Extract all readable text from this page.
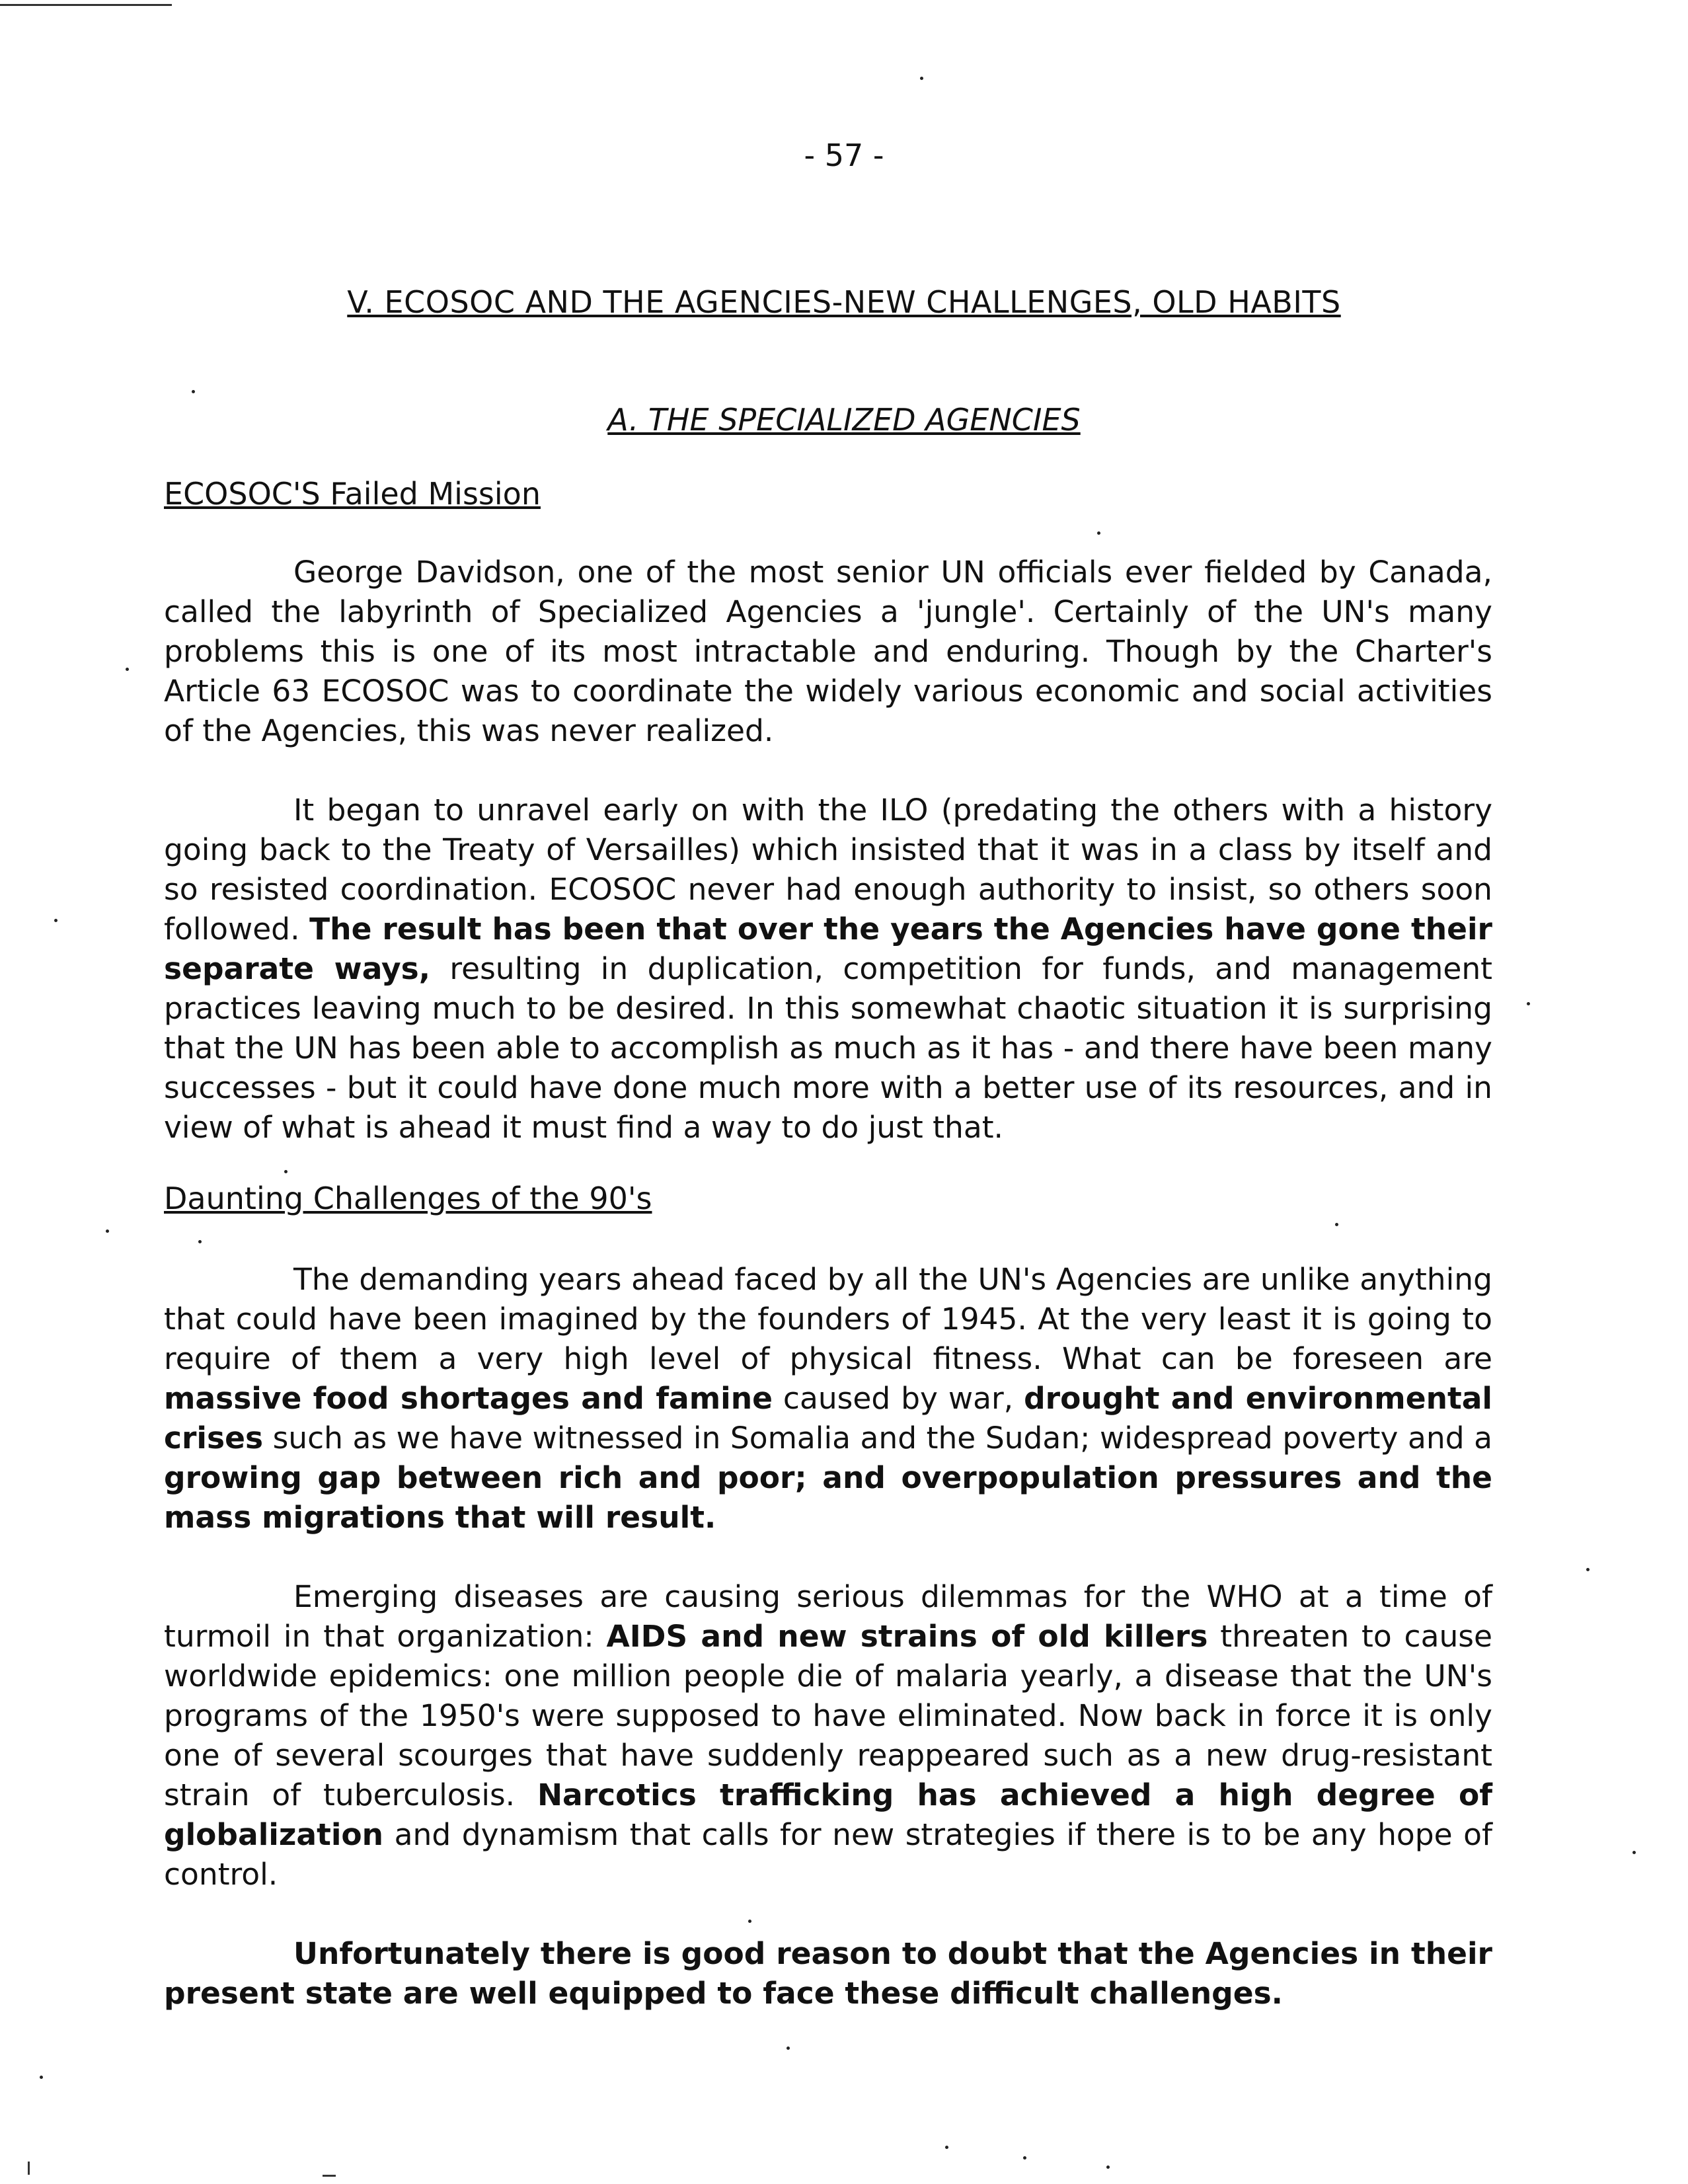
- 57 -
V. ECOSOC AND THE AGENCIES-NEW CHALLENGES, OLD HABITS
A. THE SPECIALIZED AGENCIES
ECOSOC'S Failed Mission

George Davidson, one of the most senior UN officials ever fielded by Canada, called the labyrinth of Specialized Agencies a 'jungle'. Certainly of the UN's many problems this is one of its most intractable and enduring. Though by the Charter's Article 63 ECOSOC was to coordinate the widely various economic and social activities of the Agencies, this was never realized.

It began to unravel early on with the ILO (predating the others with a history going back to the Treaty of Versailles) which insisted that it was in a class by itself and so resisted coordination. ECOSOC never had enough authority to insist, so others soon followed. The result has been that over the years the Agencies have gone their separate ways, resulting in duplication, competition for funds, and management practices leaving much to be desired. In this somewhat chaotic situation it is surprising that the UN has been able to accomplish as much as it has - and there have been many successes - but it could have done much more with a better use of its resources, and in view of what is ahead it must find a way to do just that.

Daunting Challenges of the 90's

The demanding years ahead faced by all the UN's Agencies are unlike anything that could have been imagined by the founders of 1945. At the very least it is going to require of them a very high level of physical fitness. What can be foreseen are massive food shortages and famine caused by war, drought and environmental crises such as we have witnessed in Somalia and the Sudan; widespread poverty and a growing gap between rich and poor; and overpopulation pressures and the mass migrations that will result.

Emerging diseases are causing serious dilemmas for the WHO at a time of turmoil in that organization: AIDS and new strains of old killers threaten to cause worldwide epidemics: one million people die of malaria yearly, a disease that the UN's programs of the 1950's were supposed to have eliminated. Now back in force it is only one of several scourges that have suddenly reappeared such as a new drug-resistant strain of tuberculosis. Narcotics trafficking has achieved a high degree of globalization and dynamism that calls for new strategies if there is to be any hope of control.

Unfortunately there is good reason to doubt that the Agencies in their present state are well equipped to face these difficult challenges.
